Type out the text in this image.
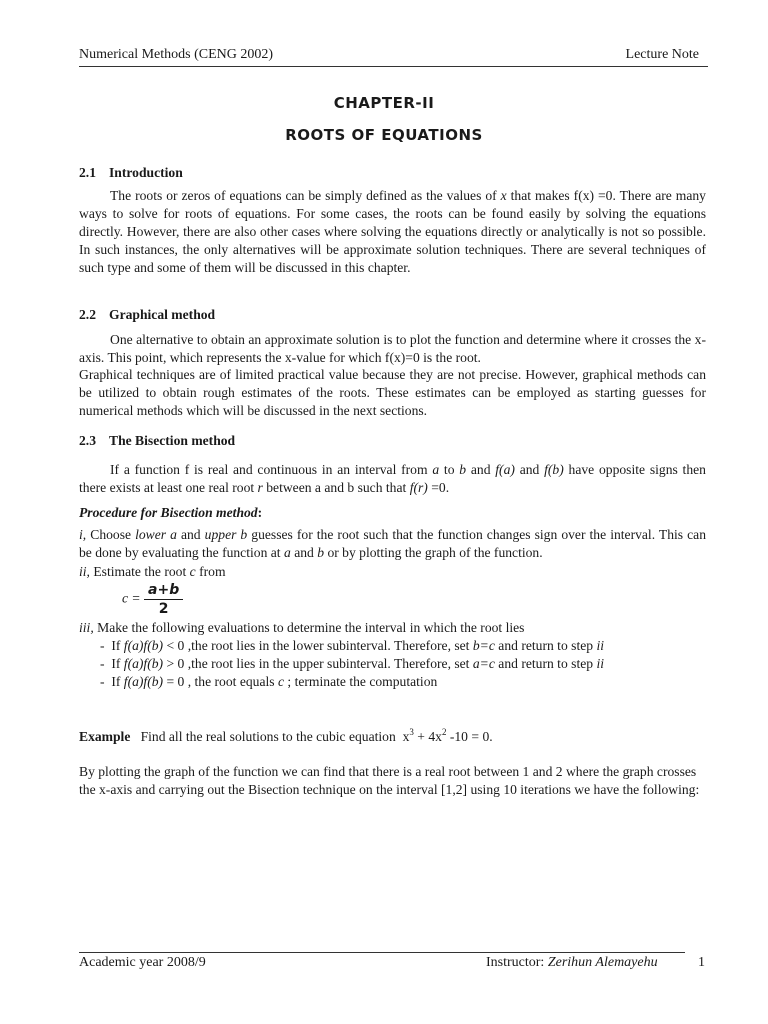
Numerical Methods (CENG 2002)	Lecture Note
CHAPTER-II
ROOTS OF EQUATIONS
2.1 Introduction

The roots or zeros of equations can be simply defined as the values of x that makes f(x) =0. There are many ways to solve for roots of equations. For some cases, the roots can be found easily by solving the equations directly. However, there are also other cases where solving the equations directly or analytically is not so possible. In such instances, the only alternatives will be approximate solution techniques. There are several techniques of such type and some of them will be discussed in this chapter.

2.2 Graphical method

One alternative to obtain an approximate solution is to plot the function and determine where it crosses the x-axis. This point, which represents the x-value for which f(x)=0 is the root.

Graphical techniques are of limited practical value because they are not precise. However, graphical methods can be utilized to obtain rough estimates of the roots. These estimates can be employed as starting guesses for numerical methods which will be discussed in the next sections.

2.3 The Bisection method

If a function f is real and continuous in an interval from a to b and f(a) and f(b) have opposite signs then there exists at least one real root r between a and b such that f(r) =0.

Procedure for Bisection method:

i, Choose lower a and upper b guesses for the root such that the function changes sign over the interval. This can be done by evaluating the function at a and b or by plotting the graph of the function.

ii, Estimate the root c from
$c = \frac{a+b}{2}$
iii, Make the following evaluations to determine the interval in which the root lies
- If f(a)f(b) < 0 ,the root lies in the lower subinterval. Therefore, set b=c and return to step ii
- If f(a)f(b) > 0 ,the root lies in the upper subinterval. Therefore, set a=c and return to step ii
- If f(a)f(b) = 0 , the root equals c ; terminate the computation
Example Find all the real solutions to the cubic equation $x^3 + 4x^2$ -10 = 0.

By plotting the graph of the function we can find that there is a real root between 1 and 2 where the graph crosses the x-axis and carrying out the Bisection technique on the interval [1,2] using 10 iterations we have the following:

Academic year 2008/9	Instructor: Zerihun Alemayehu	1
